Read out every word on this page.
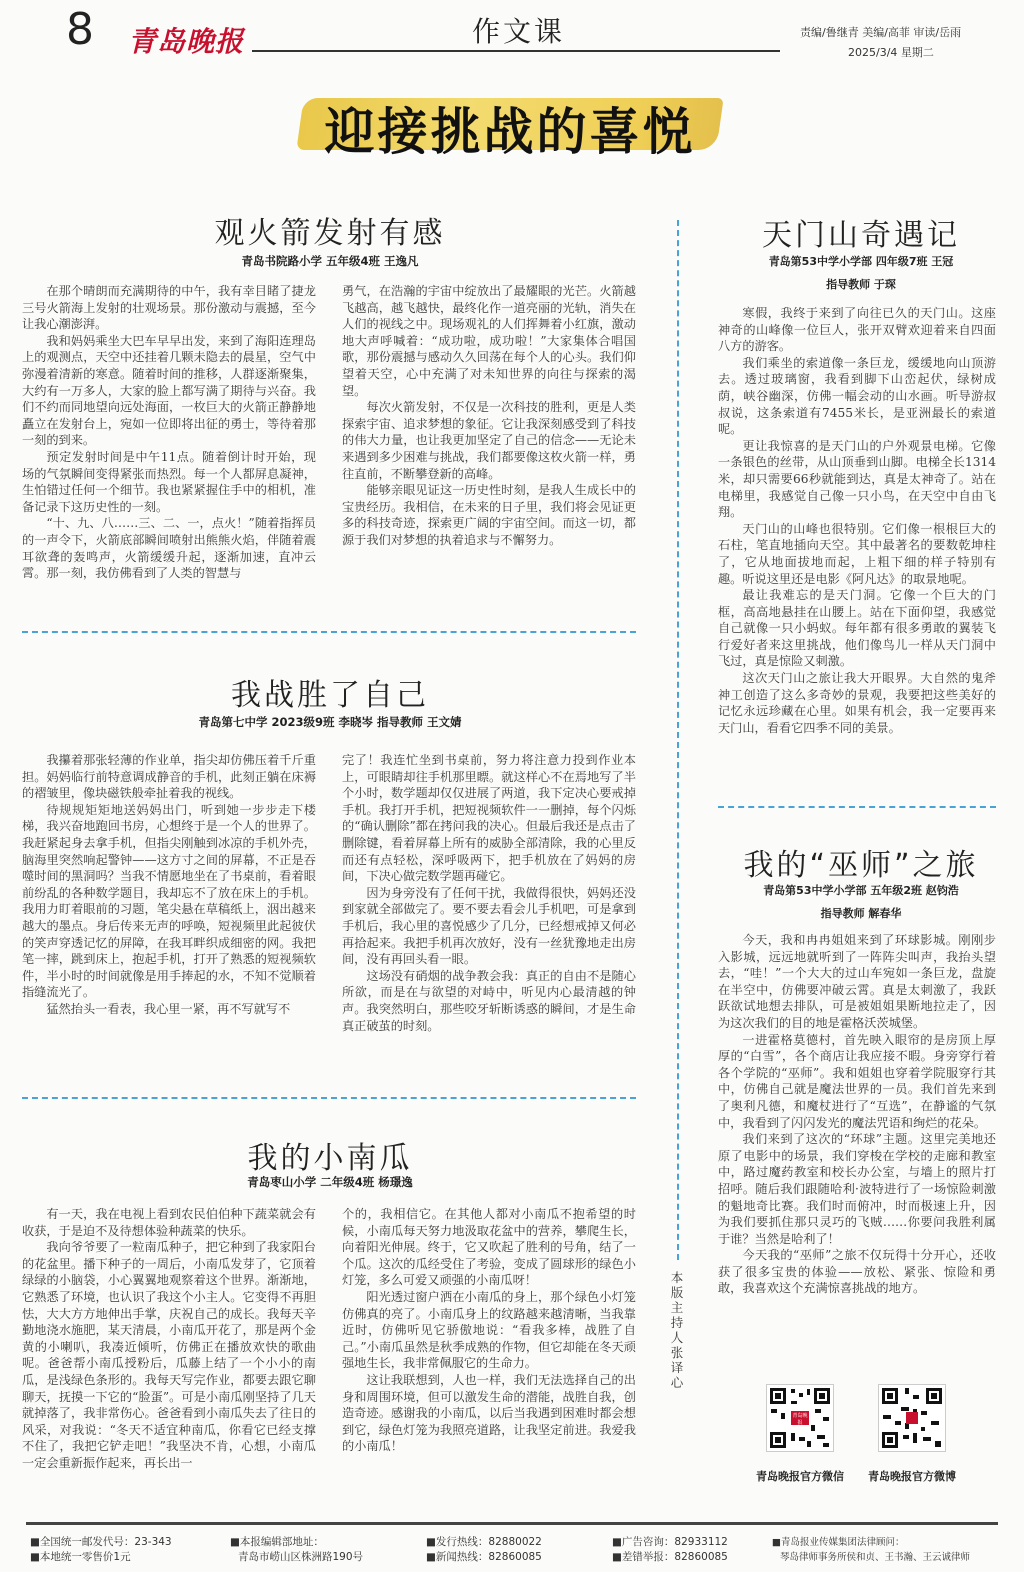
8 青岛晚报	作文课	责编/鲁继青 美编/高菲 审读/岳雨
2025/3/4 星期二
迎接挑战的喜悦
观火箭发射有感
青岛书院路小学 五年级4班 王逸凡

在那个晴朗而充满期待的中午，我有幸目睹了捷龙三号火箭海上发射的壮观场景。那份激动与震撼，至今让我心潮澎湃。

我和妈妈乘坐大巴车早早出发，来到了海阳连理岛上的观测点，天空中还挂着几颗未隐去的晨星，空气中弥漫着清新的寒意。随着时间的推移，人群逐渐聚集，大约有一万多人，大家的脸上都写满了期待与兴奋。我们不约而同地望向远处海面，一枚巨大的火箭正静静地矗立在发射台上，宛如一位即将出征的勇士，等待着那一刻的到来。

预定发射时间是中午11点。随着倒计时开始，现场的气氛瞬间变得紧张而热烈。每一个人都屏息凝神，生怕错过任何一个细节。我也紧紧握住手中的相机，准备记录下这历史性的一刻。

“十、九、八……三、二、一，点火！”随着指挥员的一声令下，火箭底部瞬间喷射出熊熊火焰，伴随着震耳欲聋的轰鸣声，火箭缓缓升起，逐渐加速，直冲云霄。那一刻，我仿佛看到了人类的智慧与

勇气，在浩瀚的宇宙中绽放出了最耀眼的光芒。火箭越飞越高，越飞越快，最终化作一道亮丽的光轨，消失在人们的视线之中。现场观礼的人们挥舞着小红旗，激动地大声呼喊着：“成功啦，成功啦！”大家集体合唱国歌，那份震撼与感动久久回荡在每个人的心头。我们仰望着天空，心中充满了对未知世界的向往与探索的渴望。

每次火箭发射，不仅是一次科技的胜利，更是人类探索宇宙、追求梦想的象征。它让我深刻感受到了科技的伟大力量，也让我更加坚定了自己的信念——无论未来遇到多少困难与挑战，我们都要像这枚火箭一样，勇往直前，不断攀登新的高峰。

能够亲眼见证这一历史性时刻，是我人生成长中的宝贵经历。我相信，在未来的日子里，我们将会见证更多的科技奇迹，探索更广阔的宇宙空间。而这一切，都源于我们对梦想的执着追求与不懈努力。

我战胜了自己
青岛第七中学 2023级9班 李晓岑 指导教师 王文婧

我攥着那张轻薄的作业单，指尖却仿佛压着千斤重担。妈妈临行前特意调成静音的手机，此刻正躺在床褥的褶皱里，像块磁铁般牵扯着我的视线。

待规规矩矩地送妈妈出门，听到她一步步走下楼梯，我兴奋地跑回书房，心想终于是一个人的世界了。我赶紧起身去拿手机，但指尖刚触到冰凉的手机外壳，脑海里突然响起警钟——这方寸之间的屏幕，不正是吞噬时间的黑洞吗？当我不情愿地坐在了书桌前，看着眼前纷乱的各种数学题目，我却忘不了放在床上的手机。我用力盯着眼前的习题，笔尖悬在草稿纸上，洇出越来越大的墨点。身后传来无声的呼唤，短视频里此起彼伏的笑声穿透记忆的屏障，在我耳畔织成细密的网。我把笔一摔，跳到床上，抱起手机，打开了熟悉的短视频软件，半小时的时间就像是用手捧起的水，不知不觉顺着指缝流光了。

猛然抬头一看表，我心里一紧，再不写就写不

完了！我连忙坐到书桌前，努力将注意力投到作业本上，可眼睛却往手机那里瞟。就这样心不在焉地写了半个小时，数学题却仅仅进展了两道，我下定决心要戒掉手机。我打开手机，把短视频软件一一删掉，每个闪烁的“确认删除”都在拷问我的决心。但最后我还是点击了删除键，看着屏幕上所有的威胁全部清除，我的心里反而还有点轻松，深呼吸两下，把手机放在了妈妈的房间，下决心做完数学题再碰它。

因为身旁没有了任何干扰，我做得很快，妈妈还没到家就全部做完了。要不要去看会儿手机吧，可是拿到手机后，我心里的喜悦感少了几分，已经想戒掉又何必再拾起来。我把手机再次放好，没有一丝犹豫地走出房间，没有再回头看一眼。

这场没有硝烟的战争教会我：真正的自由不是随心所欲，而是在与欲望的对峙中，听见内心最清越的钟声。我突然明白，那些咬牙斩断诱惑的瞬间，才是生命真正破茧的时刻。

我的小南瓜
青岛枣山小学 二年级4班 杨璟逸

有一天，我在电视上看到农民伯伯种下蔬菜就会有收获，于是迫不及待想体验种蔬菜的快乐。

我向爷爷要了一粒南瓜种子，把它种到了我家阳台的花盆里。播下种子的一周后，小南瓜发芽了，它顶着绿绿的小脑袋，小心翼翼地观察着这个世界。渐渐地，它熟悉了环境，也认识了我这个小主人。它变得不再胆怯，大大方方地伸出手掌，庆祝自己的成长。我每天辛勤地浇水施肥，某天清晨，小南瓜开花了，那是两个金黄的小喇叭，我凑近倾听，仿佛正在播放欢快的歌曲呢。爸爸帮小南瓜授粉后，瓜藤上结了一个小小的南瓜，是浅绿色条形的。我每天写完作业，都要去跟它聊聊天，抚摸一下它的“脸蛋”。可是小南瓜刚坚持了几天就掉落了，我非常伤心。爸爸看到小南瓜失去了往日的风采，对我说：“冬天不适宜种南瓜，你看它已经支撑不住了，我把它铲走吧！”我坚决不肯，心想，小南瓜一定会重新振作起来，再长出一

个的，我相信它。在其他人都对小南瓜不抱希望的时候，小南瓜每天努力地汲取花盆中的营养，攀爬生长，向着阳光伸展。终于，它又吹起了胜利的号角，结了一个瓜。这次的瓜经受住了考验，变成了圆球形的绿色小灯笼，多么可爱又顽强的小南瓜呀！

阳光透过窗户洒在小南瓜的身上，那个绿色小灯笼仿佛真的亮了。小南瓜身上的纹路越来越清晰，当我靠近时，仿佛听见它骄傲地说：“看我多棒，战胜了自己。”小南瓜虽然是秋季成熟的作物，但它却能在冬天顽强地生长，我非常佩服它的生命力。

这让我联想到，人也一样，我们无法选择自己的出身和周围环境，但可以激发生命的潜能，战胜自我，创造奇迹。感谢我的小南瓜，以后当我遇到困难时都会想到它，绿色灯笼为我照亮道路，让我坚定前进。我爱我的小南瓜！

本版主持人 张译心
天门山奇遇记
青岛第53中学小学部 四年级7班 王冠
指导教师 于琛

寒假，我终于来到了向往已久的天门山。这座神奇的山峰像一位巨人，张开双臂欢迎着来自四面八方的游客。

我们乘坐的索道像一条巨龙，缓缓地向山顶游去。透过玻璃窗，我看到脚下山峦起伏，绿树成荫，峡谷幽深，仿佛一幅会动的山水画。听导游叔叔说，这条索道有7455米长，是亚洲最长的索道呢。

更让我惊喜的是天门山的户外观景电梯。它像一条银色的丝带，从山顶垂到山脚。电梯全长1314米，却只需要66秒就能到达，真是太神奇了。站在电梯里，我感觉自己像一只小鸟，在天空中自由飞翔。

天门山的山峰也很特别。它们像一根根巨大的石柱，笔直地插向天空。其中最著名的要数乾坤柱了，它从地面拔地而起，上粗下细的样子特别有趣。听说这里还是电影《阿凡达》的取景地呢。

最让我难忘的是天门洞。它像一个巨大的门框，高高地悬挂在山腰上。站在下面仰望，我感觉自己就像一只小蚂蚁。每年都有很多勇敢的翼装飞行爱好者来这里挑战，他们像鸟儿一样从天门洞中飞过，真是惊险又刺激。

这次天门山之旅让我大开眼界。大自然的鬼斧神工创造了这么多奇妙的景观，我要把这些美好的记忆永远珍藏在心里。如果有机会，我一定要再来天门山，看看它四季不同的美景。

我的“巫师”之旅
青岛第53中学小学部 五年级2班 赵钧浩
指导教师 解春华

今天，我和冉冉姐姐来到了环球影城。刚刚步入影城，远远地就听到了一阵阵尖叫声，我抬头望去，“哇！”一个大大的过山车宛如一条巨龙，盘旋在半空中，仿佛要冲破云霄。真是太刺激了，我跃跃欲试地想去排队，可是被姐姐果断地拉走了，因为这次我们的目的地是霍格沃茨城堡。

一进霍格莫德村，首先映入眼帘的是房顶上厚厚的“白雪”，各个商店让我应接不暇。身旁穿行着各个学院的“巫师”。我和姐姐也穿着学院服穿行其中，仿佛自己就是魔法世界的一员。我们首先来到了奥利凡德，和魔杖进行了“互选”，在静谧的气氛中，我看到了闪闪发光的魔法咒语和绚烂的花朵。

我们来到了这次的“环球”主题。这里完美地还原了电影中的场景，我们穿梭在学校的走廊和教室中，路过魔药教室和校长办公室，与墙上的照片打招呼。随后我们跟随哈利·波特进行了一场惊险刺激的魁地奇比赛。我们时而俯冲，时而极速上升，因为我们要抓住那只灵巧的飞贼……你要问我胜利属于谁？当然是哈利了！

今天我的“巫师”之旅不仅玩得十分开心，还收获了很多宝贵的体验——放松、紧张、惊险和勇敢，我喜欢这个充满惊喜挑战的地方。

青岛晚报
青岛晚报官方微信	青岛晚报官方微博
■全国统一邮发代号：23-343
■本地统一零售价1元
■本报编辑部地址：
青岛市崂山区株洲路190号
■发行热线：82880022
■新闻热线：82860085
■广告咨询：82933112
■差错举报：82860085
■青岛报业传媒集团法律顾问：
琴岛律师事务所侯和贞、王书瀚、王云诚律师
